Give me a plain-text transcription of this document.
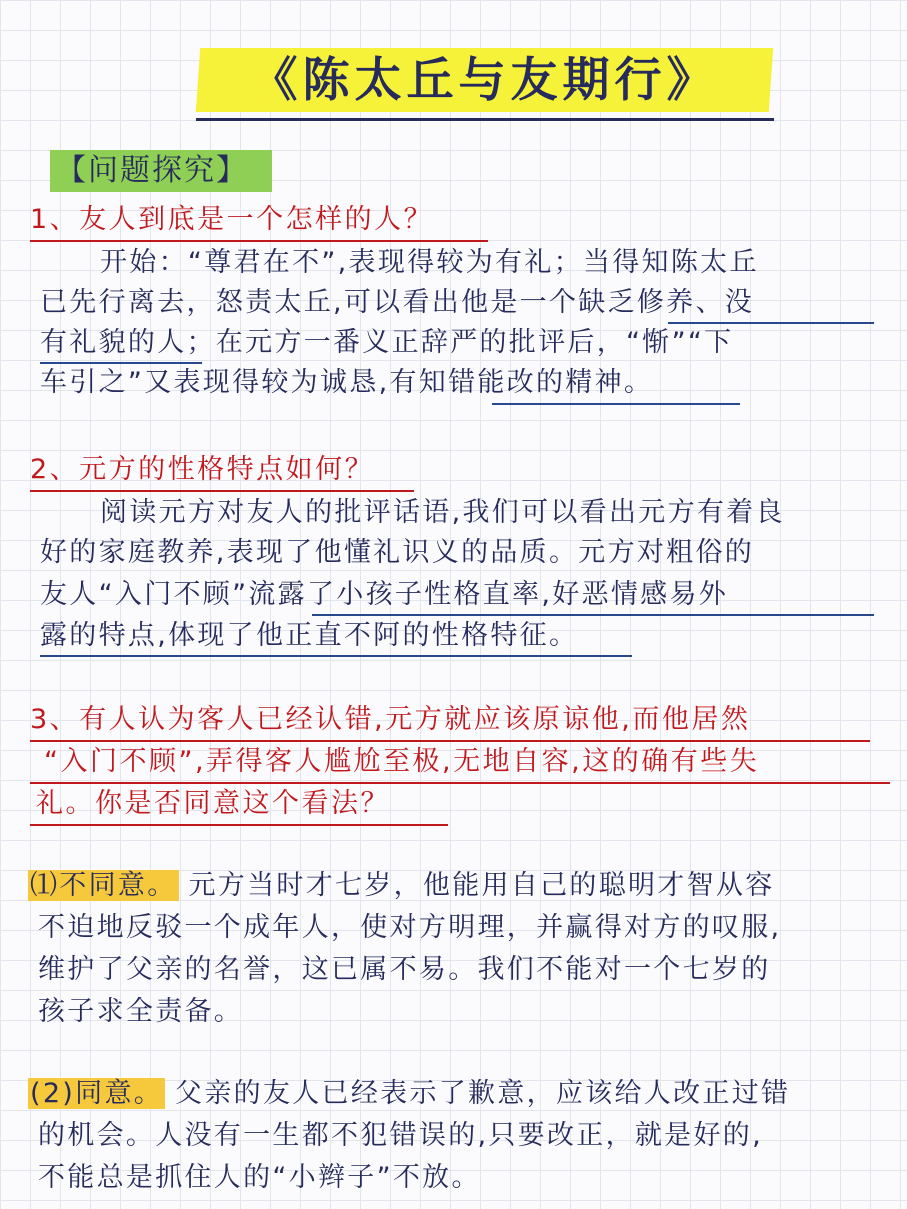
《陈太丘与友期行》
【问题探究】
1、友人到底是一个怎样的人？
开始：“尊君在不”,表现得较为有礼；当得知陈太丘
已先行离去，怒责太丘,可以看出他是一个缺乏修养、没
有礼貌的人；在元方一番义正辞严的批评后，“惭”“下
车引之”又表现得较为诚恳,有知错能改的精神。
2、元方的性格特点如何？
阅读元方对友人的批评话语,我们可以看出元方有着良
好的家庭教养,表现了他懂礼识义的品质。元方对粗俗的
友人“入门不顾”流露了小孩子性格直率,好恶情感易外
露的特点,体现了他正直不阿的性格特征。
3、有人认为客人已经认错,元方就应该原谅他,而他居然
“入门不顾”,弄得客人尴尬至极,无地自容,这的确有些失
礼。你是否同意这个看法？
⑴不同意。 元方当时才七岁，他能用自己的聪明才智从容
不迫地反驳一个成年人，使对方明理，并赢得对方的叹服,
维护了父亲的名誉，这已属不易。我们不能对一个七岁的
孩子求全责备。
(2)同意。 父亲的友人已经表示了歉意，应该给人改正过错
的机会。人没有一生都不犯错误的,只要改正，就是好的,
不能总是抓住人的“小辫子”不放。
